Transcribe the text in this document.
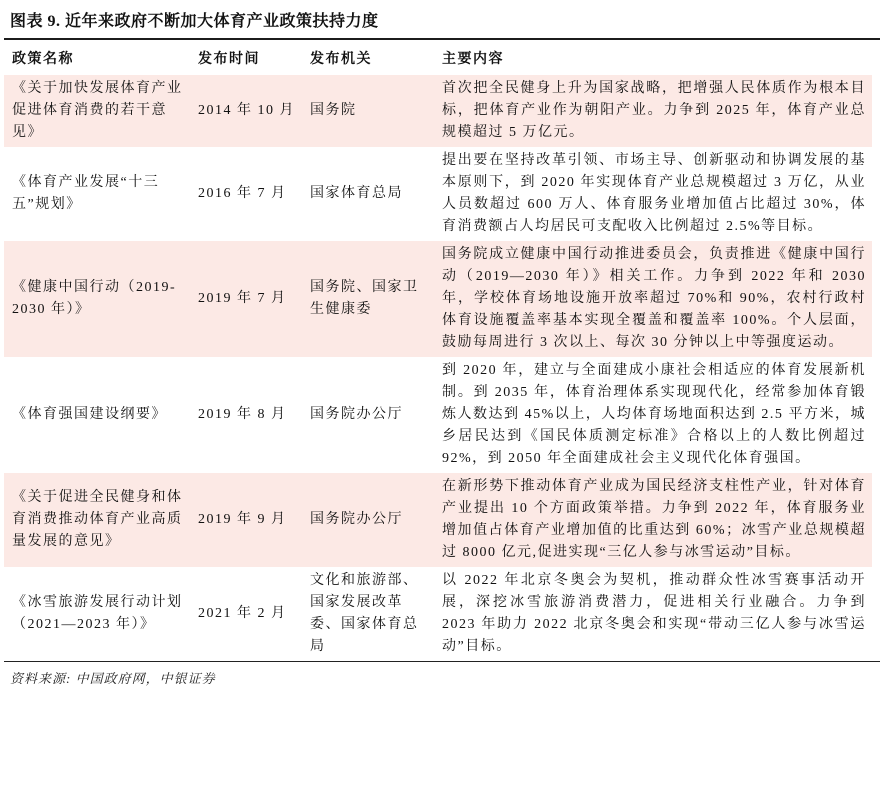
图表 9. 近年来政府不断加大体育产业政策扶持力度
政策名称	发布时间	发布机关	主要内容
《关于加快发展体育产业促进体育消费的若干意见》	2014 年 10 月	国务院	首次把全民健身上升为国家战略，把增强人民体质作为根本目标，把体育产业作为朝阳产业。力争到 2025 年，体育产业总规模超过 5 万亿元。
《体育产业发展“十三五”规划》	2016 年 7 月	国家体育总局	提出要在坚持改革引领、市场主导、创新驱动和协调发展的基本原则下，到 2020 年实现体育产业总规模超过 3 万亿，从业人员数超过 600 万人、体育服务业增加值占比超过 30%，体育消费额占人均居民可支配收入比例超过 2.5%等目标。
《健康中国行动（2019-2030 年）》	2019 年 7 月	国务院、国家卫生健康委	国务院成立健康中国行动推进委员会，负责推进《健康中国行动（2019—2030 年）》相关工作。力争到 2022 年和 2030 年，学校体育场地设施开放率超过 70%和 90%，农村行政村体育设施覆盖率基本实现全覆盖和覆盖率 100%。个人层面，鼓励每周进行 3 次以上、每次 30 分钟以上中等强度运动。
《体育强国建设纲要》	2019 年 8 月	国务院办公厅	到 2020 年，建立与全面建成小康社会相适应的体育发展新机制。到 2035 年，体育治理体系实现现代化，经常参加体育锻炼人数达到 45%以上，人均体育场地面积达到 2.5 平方米，城乡居民达到《国民体质测定标准》合格以上的人数比例超过 92%，到 2050 年全面建成社会主义现代化体育强国。
《关于促进全民健身和体育消费推动体育产业高质量发展的意见》	2019 年 9 月	国务院办公厅	在新形势下推动体育产业成为国民经济支柱性产业，针对体育产业提出 10 个方面政策举措。力争到 2022 年，体育服务业增加值占体育产业增加值的比重达到 60%；冰雪产业总规模超过 8000 亿元,促进实现“三亿人参与冰雪运动”目标。
《冰雪旅游发展行动计划（2021—2023 年）》	2021 年 2 月	文化和旅游部、国家发展改革委、国家体育总局	以 2022 年北京冬奥会为契机，推动群众性冰雪赛事活动开展，深挖冰雪旅游消费潜力，促进相关行业融合。力争到 2023 年助力 2022 北京冬奥会和实现“带动三亿人参与冰雪运动”目标。
资料来源: 中国政府网，中银证券
